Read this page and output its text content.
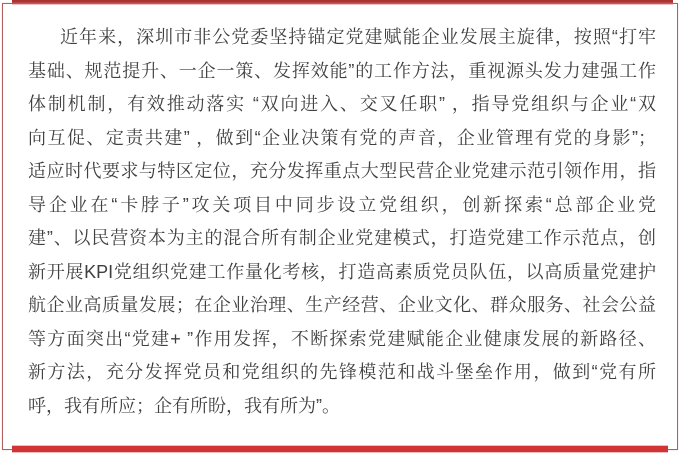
近年来，深圳市非公党委坚持锚定党建赋能企业发展主旋律，按照“打牢
基础、规范提升、一企一策、发挥效能”的工作方法，重视源头发力建强工作
体制机制，有效推动落实 “双向进入、交叉任职” ，指导党组织与企业“双
向互促、定责共建” ，做到“企业决策有党的声音，企业管理有党的身影”；
适应时代要求与特区定位，充分发挥重点大型民营企业党建示范引领作用，指
导企业在“卡脖子”攻关项目中同步设立党组织，创新探索“总部企业党
建”、以民营资本为主的混合所有制企业党建模式，打造党建工作示范点，创
新开展KPI党组织党建工作量化考核，打造高素质党员队伍，以高质量党建护
航企业高质量发展；在企业治理、生产经营、企业文化、群众服务、社会公益
等方面突出“党建+ ”作用发挥，不断探索党建赋能企业健康发展的新路径、
新方法，充分发挥党员和党组织的先锋模范和战斗堡垒作用，做到“党有所
呼，我有所应；企有所盼，我有所为”。
